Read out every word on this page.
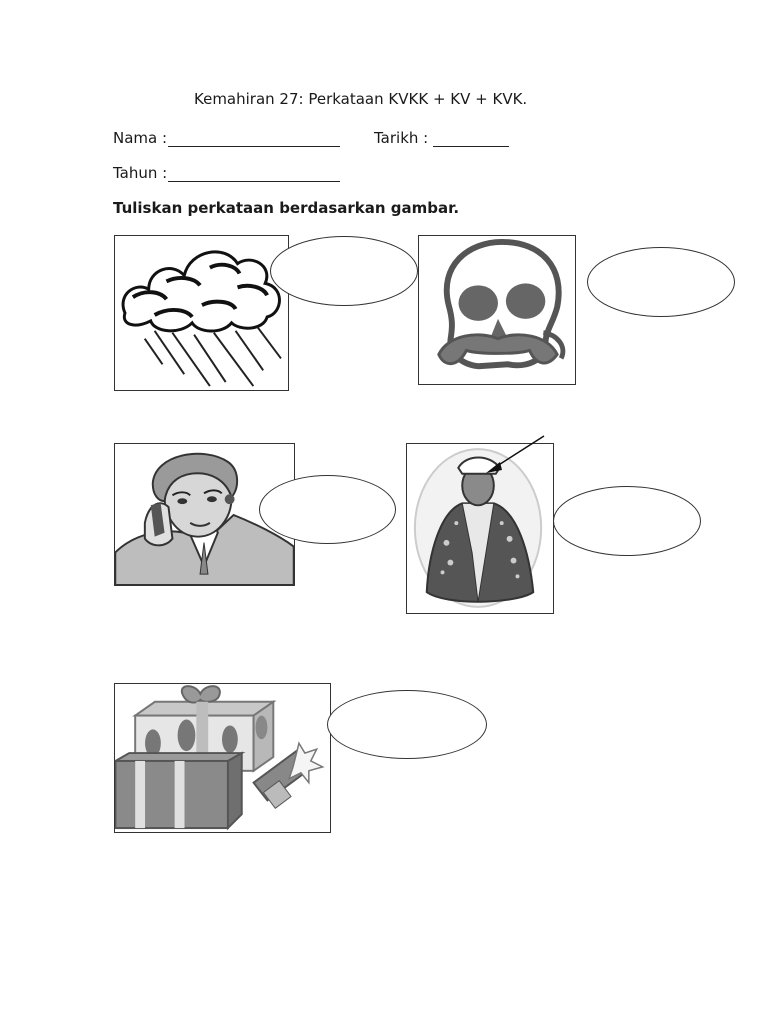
Kemahiran 27: Perkataan KVKK + KV + KVK.
Nama :	Tarikh :
Tahun :
Tuliskan perkataan berdasarkan gambar.
